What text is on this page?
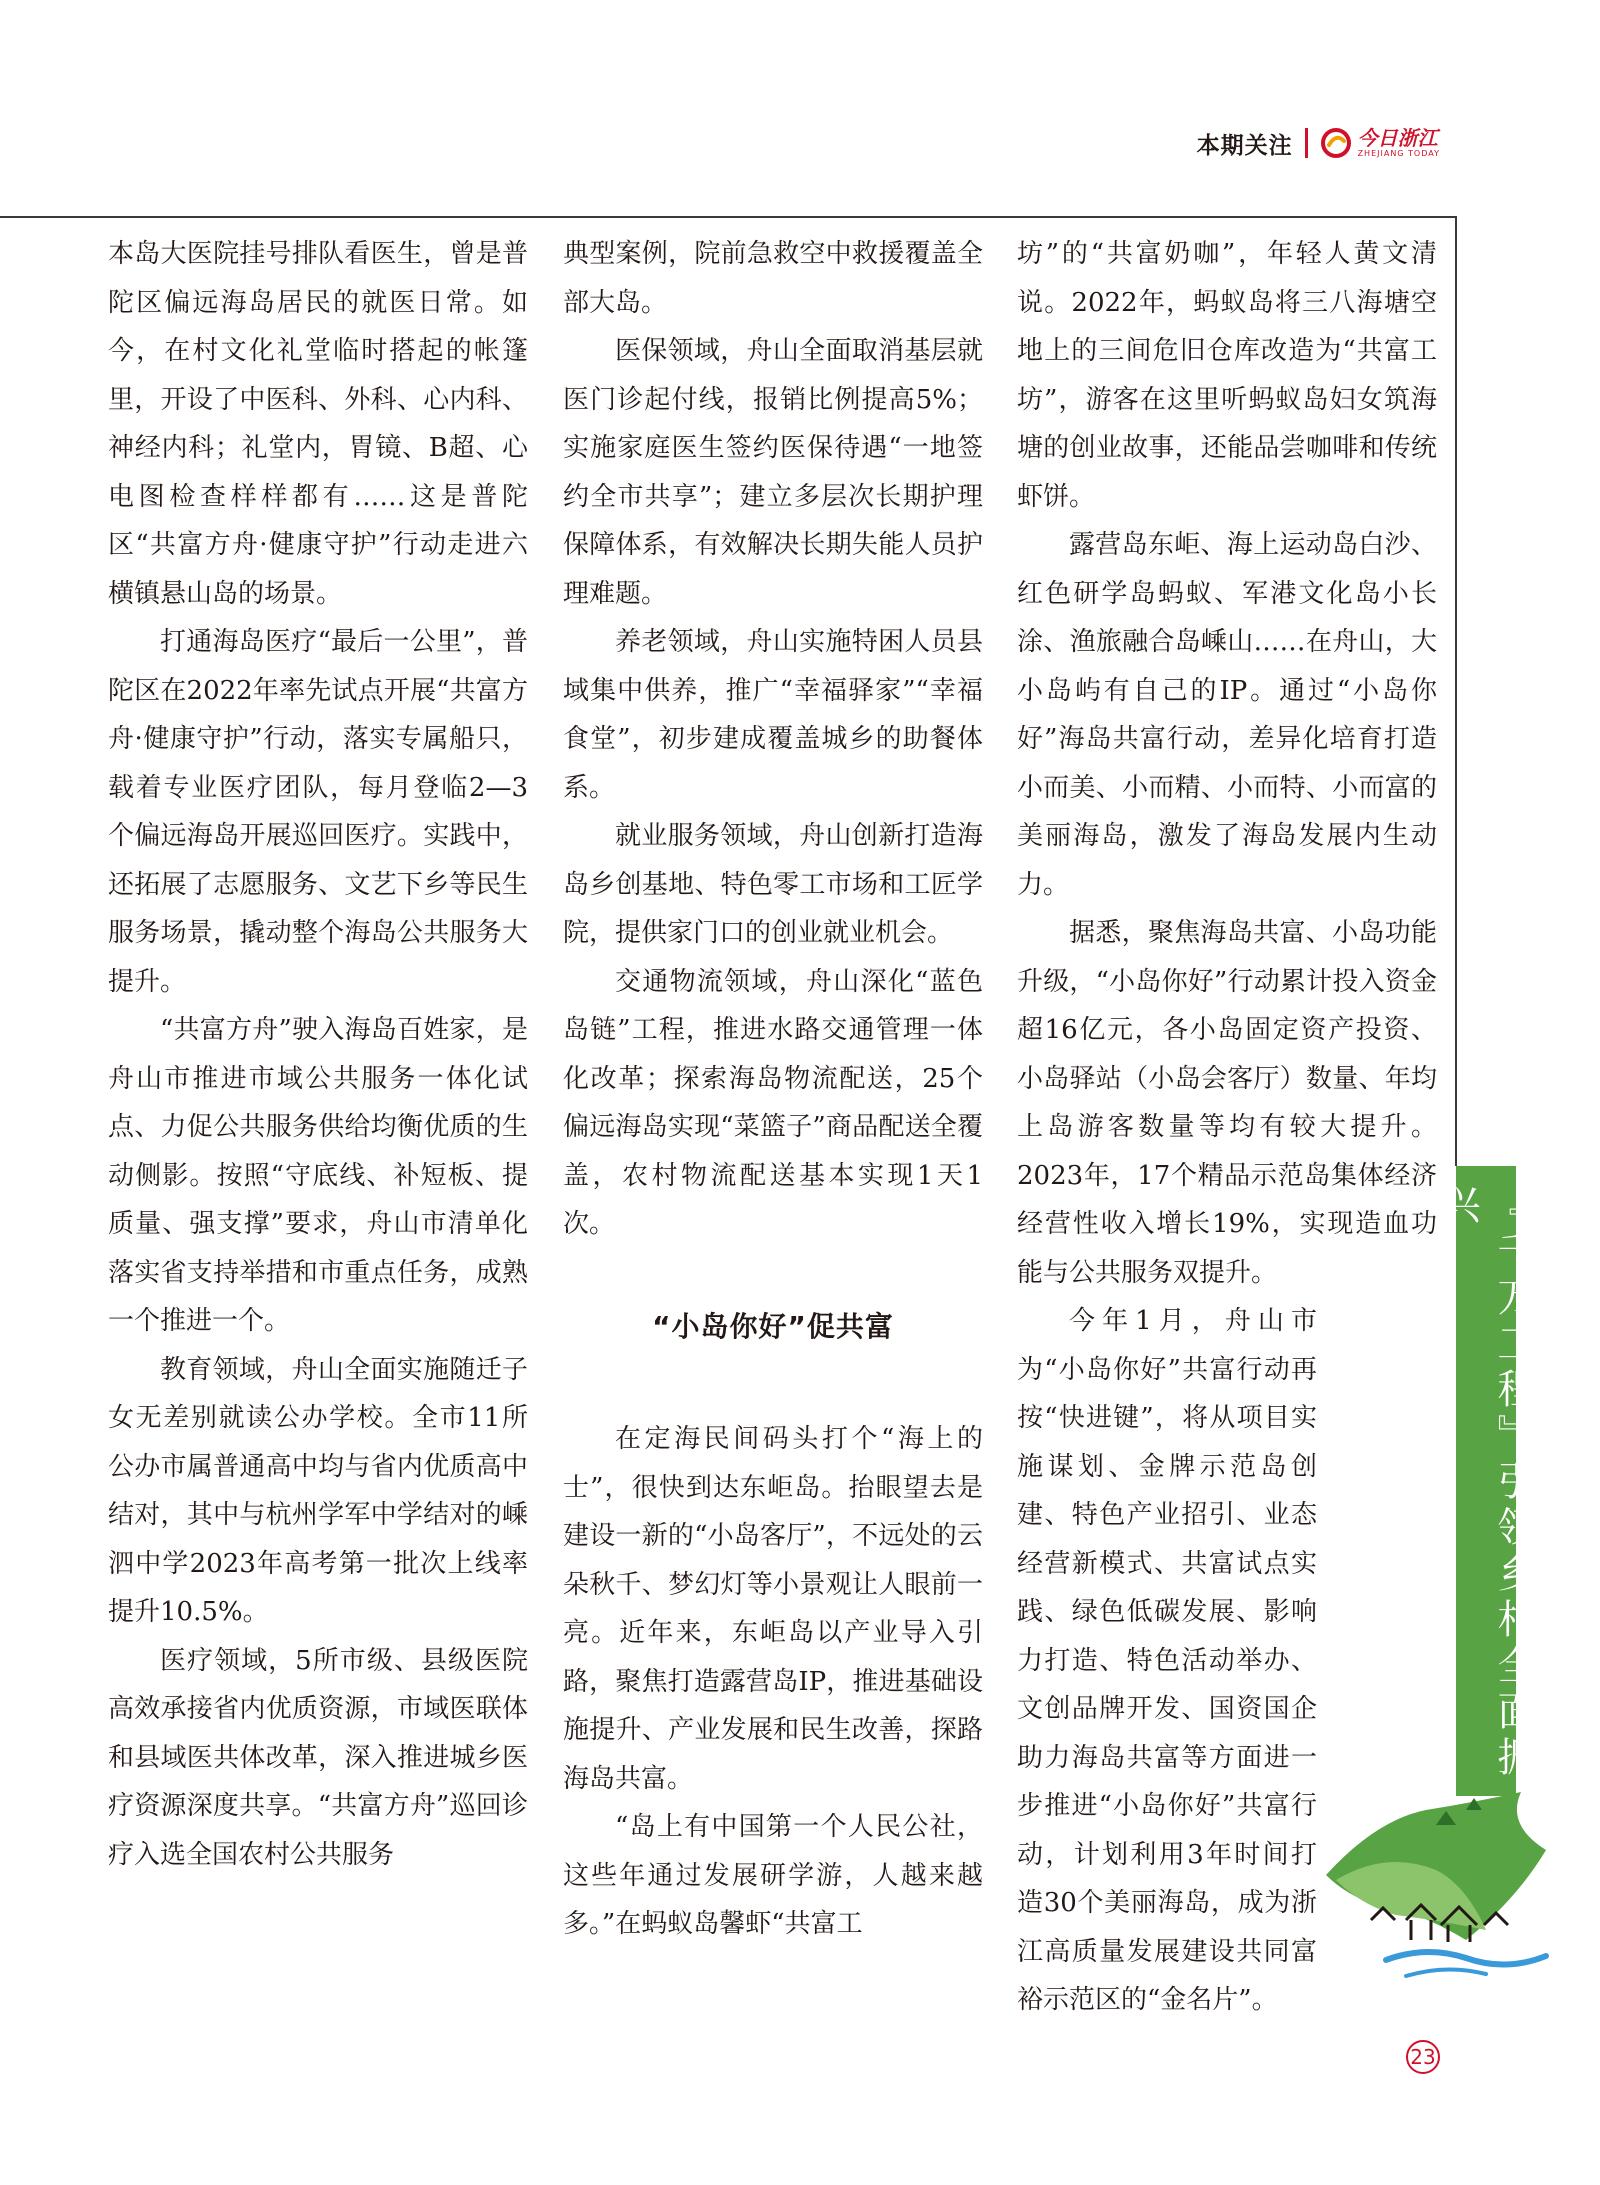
本期关注	今日浙江
ZHEJIANG TODAY

本岛大医院挂号排队看医生，曾是普陀区偏远海岛居民的就医日常。如今，在村文化礼堂临时搭起的帐篷里，开设了中医科、外科、心内科、神经内科；礼堂内，胃镜、B超、心电图检查样样都有……这是普陀区“共富方舟·健康守护”行动走进六横镇悬山岛的场景。

打通海岛医疗“最后一公里”，普陀区在2022年率先试点开展“共富方舟·健康守护”行动，落实专属船只，载着专业医疗团队，每月登临2—3个偏远海岛开展巡回医疗。实践中，还拓展了志愿服务、文艺下乡等民生服务场景，撬动整个海岛公共服务大提升。

“共富方舟”驶入海岛百姓家，是舟山市推进市域公共服务一体化试点、力促公共服务供给均衡优质的生动侧影。按照“守底线、补短板、提质量、强支撑”要求，舟山市清单化落实省支持举措和市重点任务，成熟一个推进一个。

教育领域，舟山全面实施随迁子女无差别就读公办学校。全市11所公办市属普通高中均与省内优质高中结对，其中与杭州学军中学结对的嵊泗中学2023年高考第一批次上线率提升10.5%。

医疗领域，5所市级、县级医院高效承接省内优质资源，市域医联体和县域医共体改革，深入推进城乡医疗资源深度共享。“共富方舟”巡回诊疗入选全国农村公共服务

典型案例，院前急救空中救援覆盖全部大岛。

医保领域，舟山全面取消基层就医门诊起付线，报销比例提高5%；实施家庭医生签约医保待遇“一地签约全市共享”；建立多层次长期护理保障体系，有效解决长期失能人员护理难题。

养老领域，舟山实施特困人员县域集中供养，推广“幸福驿家”“幸福食堂”，初步建成覆盖城乡的助餐体系。

就业服务领域，舟山创新打造海岛乡创基地、特色零工市场和工匠学院，提供家门口的创业就业机会。

交通物流领域，舟山深化“蓝色岛链”工程，推进水路交通管理一体化改革；探索海岛物流配送，25个偏远海岛实现“菜篮子”商品配送全覆盖，农村物流配送基本实现1天1次。

“小岛你好”促共富

在定海民间码头打个“海上的士”，很快到达东岠岛。抬眼望去是建设一新的“小岛客厅”，不远处的云朵秋千、梦幻灯等小景观让人眼前一亮。近年来，东岠岛以产业导入引路，聚焦打造露营岛IP，推进基础设施提升、产业发展和民生改善，探路海岛共富。

“岛上有中国第一个人民公社，这些年通过发展研学游，人越来越多。”在蚂蚁岛馨虾“共富工

坊”的“共富奶咖”，年轻人黄文清说。2022年，蚂蚁岛将三八海塘空地上的三间危旧仓库改造为“共富工坊”，游客在这里听蚂蚁岛妇女筑海塘的创业故事，还能品尝咖啡和传统虾饼。

露营岛东岠、海上运动岛白沙、红色研学岛蚂蚁、军港文化岛小长涂、渔旅融合岛嵊山……在舟山，大小岛屿有自己的IP。通过“小岛你好”海岛共富行动，差异化培育打造小而美、小而精、小而特、小而富的美丽海岛，激发了海岛发展内生动力。

据悉，聚焦海岛共富、小岛功能升级，“小岛你好”行动累计投入资金超16亿元，各小岛固定资产投资、小岛驿站（小岛会客厅）数量、年均上岛游客数量等均有较大提升。2023年，17个精品示范岛集体经济经营性收入增长19%，实现造血功能与公共服务双提升。

今年1月，舟山市为“小岛你好”共富行动再按“快进键”，将从项目实施谋划、金牌示范岛创建、特色产业招引、业态经营新模式、共富试点实践、绿色低碳发展、影响力打造、特色活动举办、文创品牌开发、国资国企助力海岛共富等方面进一步推进“小岛你好”共富行动，计划利用3年时间打造30个美丽海岛，成为浙江高质量发展建设共同富裕示范区的“金名片”。

『千万工程』引领乡村全面振兴
23
